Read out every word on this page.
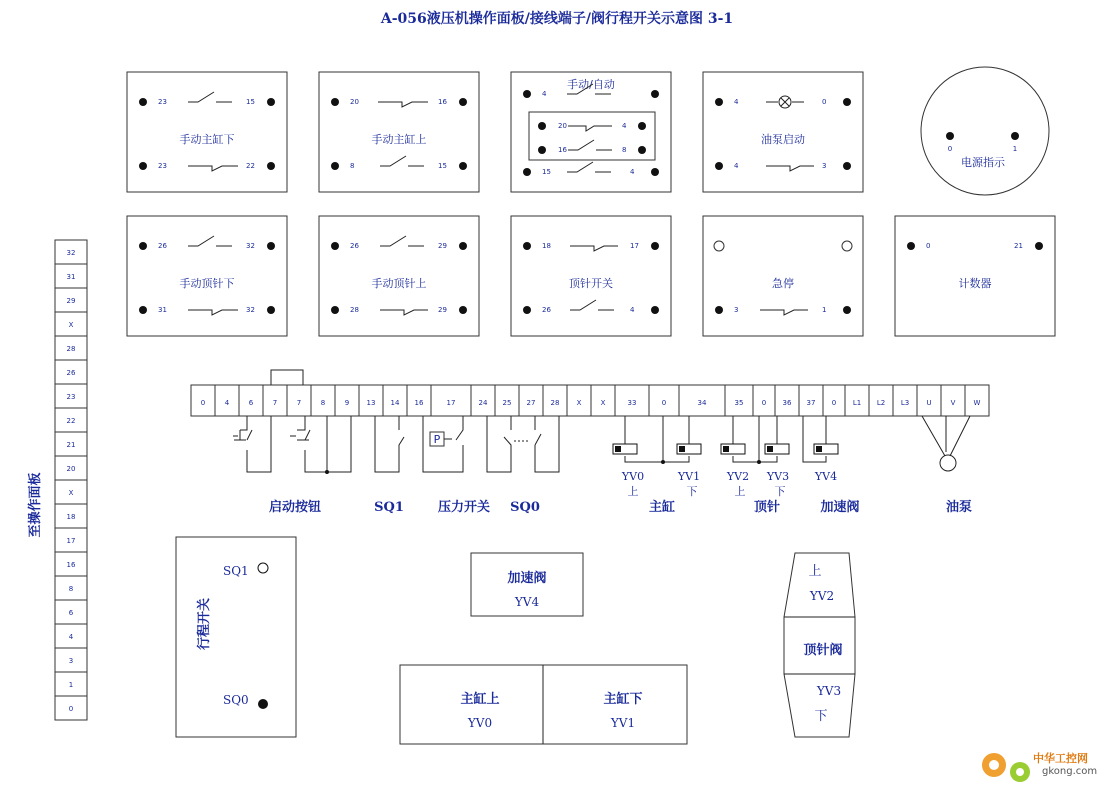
A-056液压机操作面板/接线端子/阀行程开关示意图 3-1
23	15
23	22
手动主缸下
20	16
8	15
手动主缸上
4
15	4
手动/自动
20	4
16	8
4	0
4	3
油泵启动
0	1
电源指示
26	32
31	32
手动顶针下
26	29
28	29
手动顶针上
18	17
26	4
顶针开关
3	1
急停
0	21
计数器
32
31
29
X
28
26
23
22
21
20
X
18
17
16
8
6
4
3
1
0
至操作面板
0	4	6	7	7	8	9 13 14 16	17	24 25 27 28 X	X	33	0	34	35	0 36 37 0 L1 L2 L3 U	V	W
P
YV0
上
YV1
下
YV2
上
YV3
下
YV4
启动按钮	SQ1	压力开关 SQ0	主缸	顶针	加速阀	油泵
行程开关
SQ1
SQ0
加速阀
YV4
主缸上
YV0
主缸下
YV1
上
YV2
顶针阀
YV3
下
中华工控网
gkong.com
